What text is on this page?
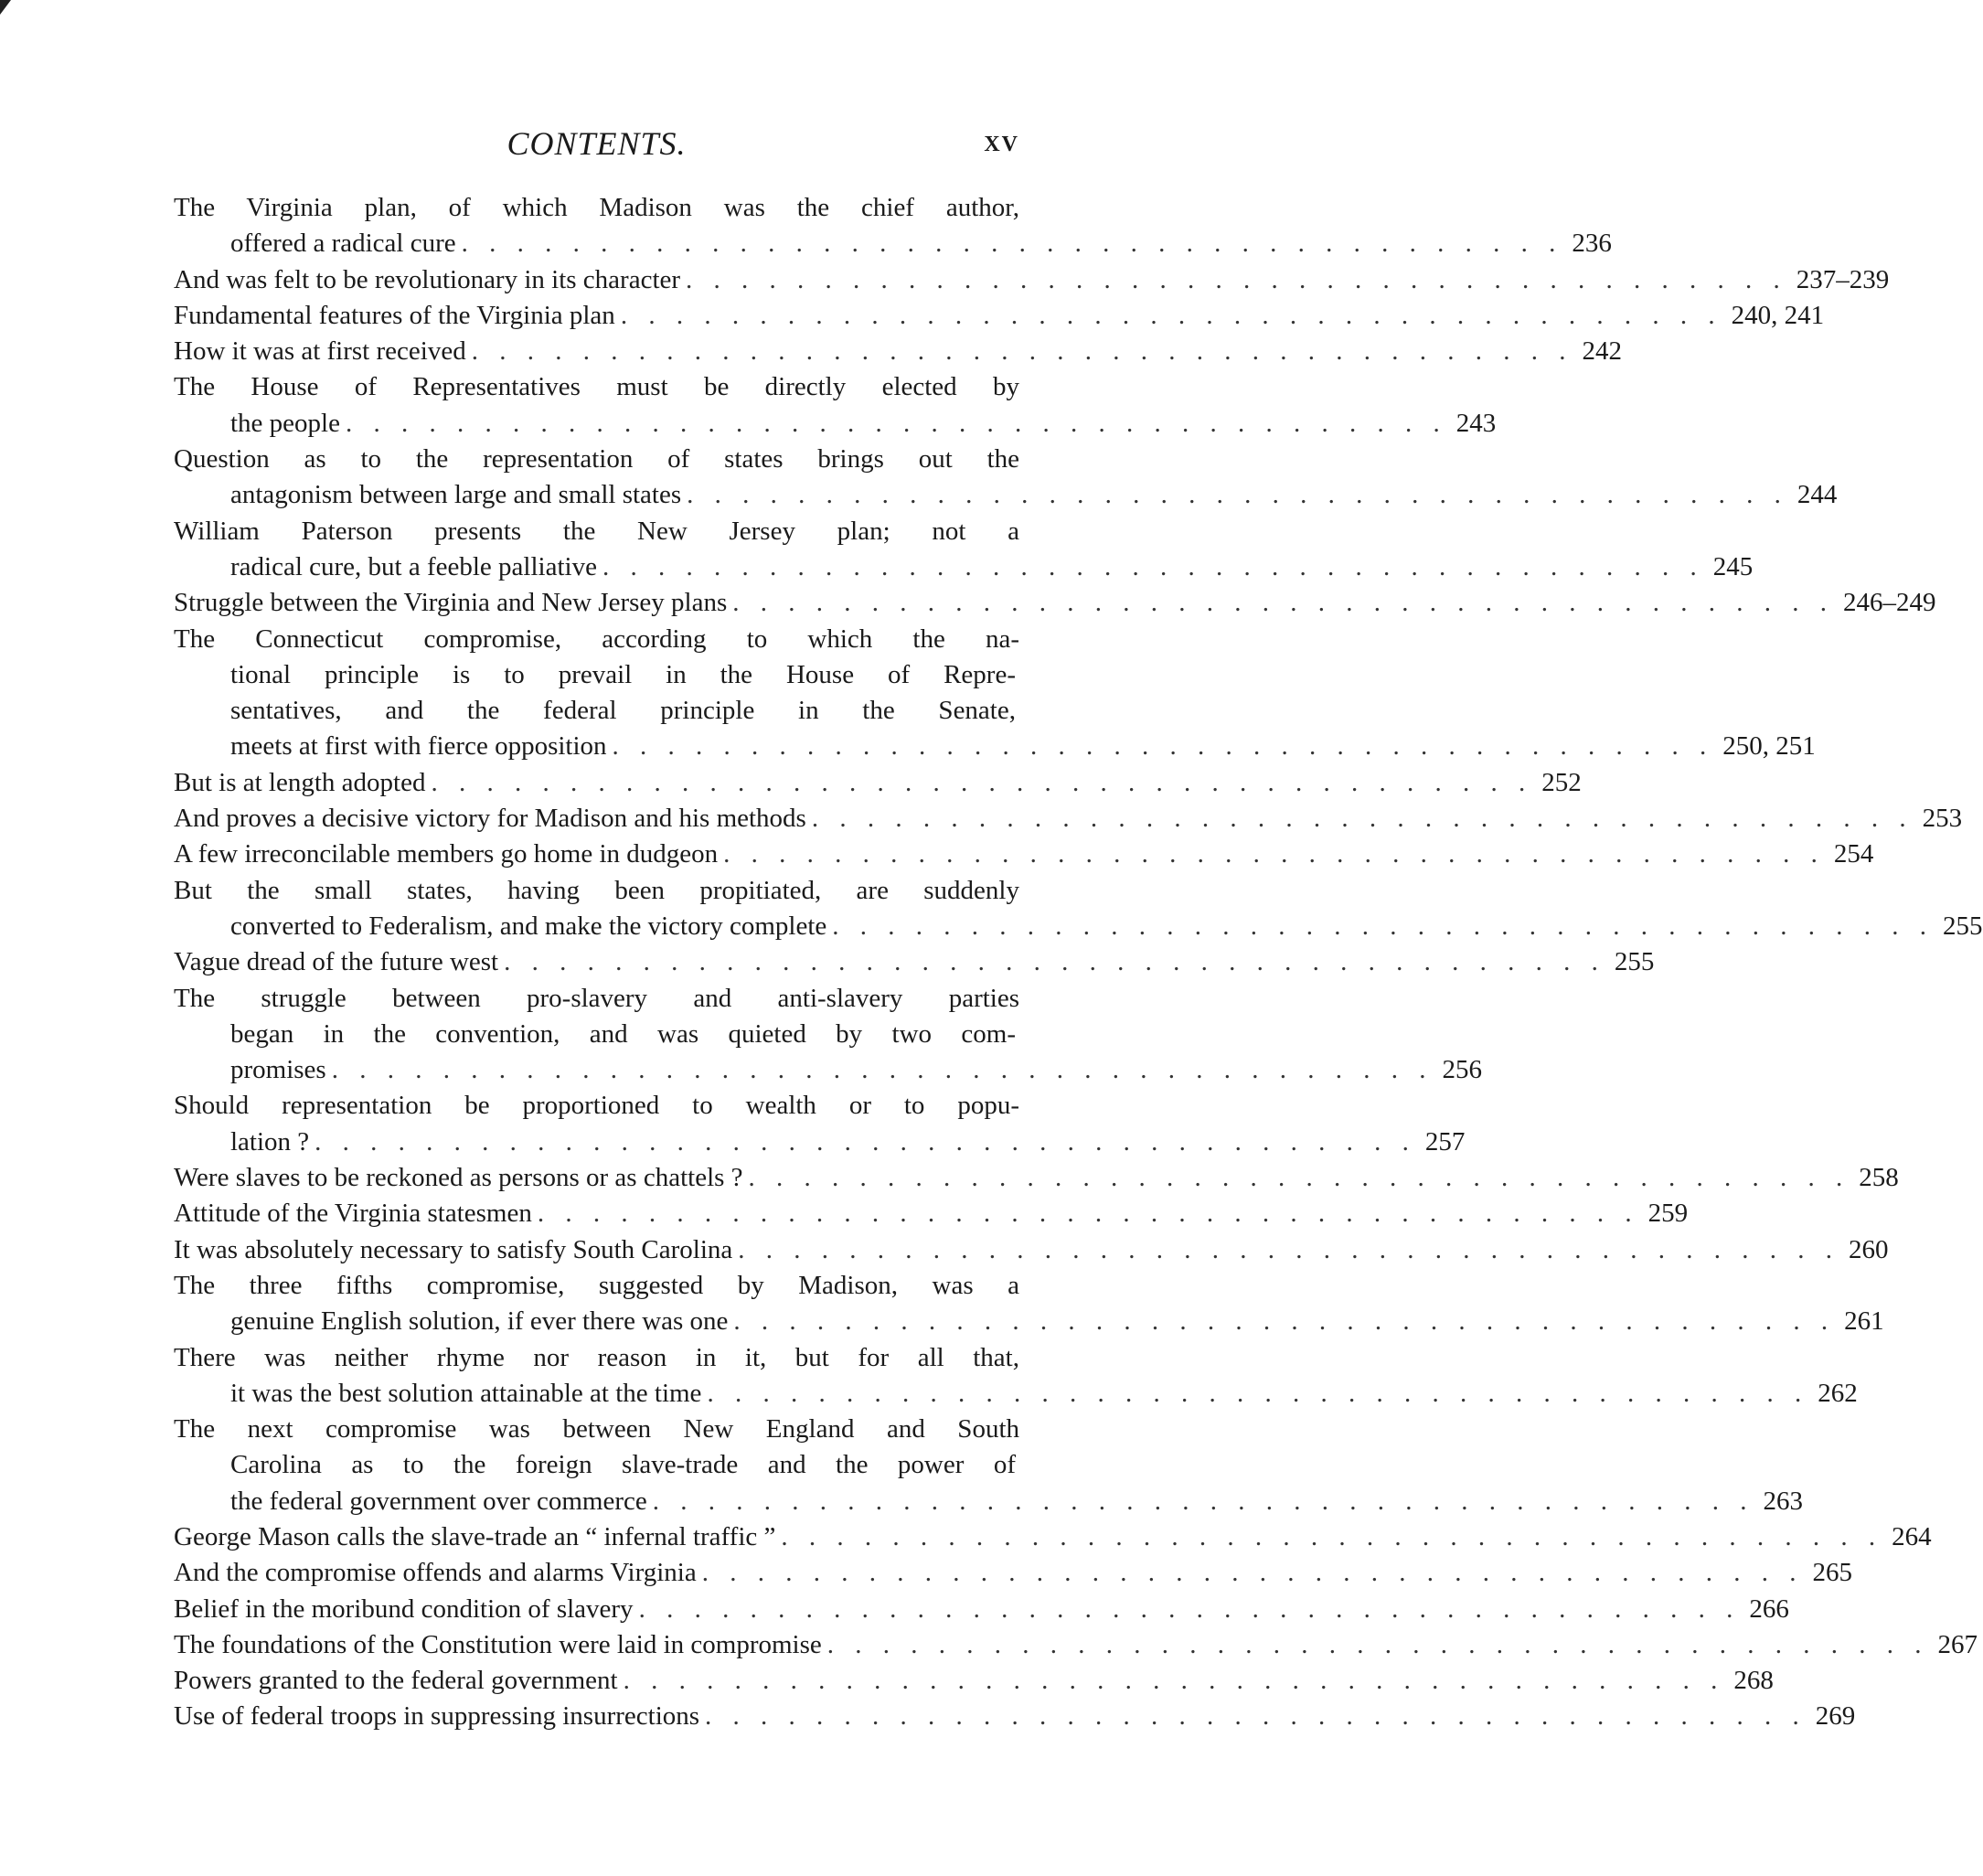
CONTENTS.	xv
The Virginia plan, of which Madison was the chief author,
offered a radical cure . . . . . . . . . . . . . . . . . . . . . . . . . . . . . . . . . . . . . . . . 236
And was felt to be revolutionary in its character . . . . . . . . . . . . . . . . . . . . . . . . . . . . . . . . . . . . . . . . 237–239
Fundamental features of the Virginia plan . . . . . . . . . . . . . . . . . . . . . . . . . . . . . . . . . . . . . . . . 240, 241
How it was at first received . . . . . . . . . . . . . . . . . . . . . . . . . . . . . . . . . . . . . . . . 242
The House of Representatives must be directly elected by
the people . . . . . . . . . . . . . . . . . . . . . . . . . . . . . . . . . . . . . . . . 243
Question as to the representation of states brings out the
antagonism between large and small states . . . . . . . . . . . . . . . . . . . . . . . . . . . . . . . . . . . . . . . . 244
William Paterson presents the New Jersey plan; not a
radical cure, but a feeble palliative . . . . . . . . . . . . . . . . . . . . . . . . . . . . . . . . . . . . . . . . 245
Struggle between the Virginia and New Jersey plans . . . . . . . . . . . . . . . . . . . . . . . . . . . . . . . . . . . . . . . . 246–249
The Connecticut compromise, according to which the na-
tional principle is to prevail in the House of Repre-
sentatives, and the federal principle in the Senate,
meets at first with fierce opposition . . . . . . . . . . . . . . . . . . . . . . . . . . . . . . . . . . . . . . . . 250, 251
But is at length adopted . . . . . . . . . . . . . . . . . . . . . . . . . . . . . . . . . . . . . . . . 252
And proves a decisive victory for Madison and his methods . . . . . . . . . . . . . . . . . . . . . . . . . . . . . . . . . . . . . . . . 253
A few irreconcilable members go home in dudgeon . . . . . . . . . . . . . . . . . . . . . . . . . . . . . . . . . . . . . . . . 254
But the small states, having been propitiated, are suddenly
converted to Federalism, and make the victory complete . . . . . . . . . . . . . . . . . . . . . . . . . . . . . . . . . . . . . . . . 255
Vague dread of the future west . . . . . . . . . . . . . . . . . . . . . . . . . . . . . . . . . . . . . . . . 255
The struggle between pro-slavery and anti-slavery parties
began in the convention, and was quieted by two com-
promises . . . . . . . . . . . . . . . . . . . . . . . . . . . . . . . . . . . . . . . . 256
Should representation be proportioned to wealth or to popu-
lation ? . . . . . . . . . . . . . . . . . . . . . . . . . . . . . . . . . . . . . . . . 257
Were slaves to be reckoned as persons or as chattels ? . . . . . . . . . . . . . . . . . . . . . . . . . . . . . . . . . . . . . . . . 258
Attitude of the Virginia statesmen . . . . . . . . . . . . . . . . . . . . . . . . . . . . . . . . . . . . . . . . 259
It was absolutely necessary to satisfy South Carolina . . . . . . . . . . . . . . . . . . . . . . . . . . . . . . . . . . . . . . . . 260
The three fifths compromise, suggested by Madison, was a
genuine English solution, if ever there was one . . . . . . . . . . . . . . . . . . . . . . . . . . . . . . . . . . . . . . . . 261
There was neither rhyme nor reason in it, but for all that,
it was the best solution attainable at the time . . . . . . . . . . . . . . . . . . . . . . . . . . . . . . . . . . . . . . . . 262
The next compromise was between New England and South
Carolina as to the foreign slave-trade and the power of
the federal government over commerce . . . . . . . . . . . . . . . . . . . . . . . . . . . . . . . . . . . . . . . . 263
George Mason calls the slave-trade an “ infernal traffic ” . . . . . . . . . . . . . . . . . . . . . . . . . . . . . . . . . . . . . . . . 264
And the compromise offends and alarms Virginia . . . . . . . . . . . . . . . . . . . . . . . . . . . . . . . . . . . . . . . . 265
Belief in the moribund condition of slavery . . . . . . . . . . . . . . . . . . . . . . . . . . . . . . . . . . . . . . . . 266
The foundations of the Constitution were laid in compromise . . . . . . . . . . . . . . . . . . . . . . . . . . . . . . . . . . . . . . . . 267
Powers granted to the federal government . . . . . . . . . . . . . . . . . . . . . . . . . . . . . . . . . . . . . . . . 268
Use of federal troops in suppressing insurrections . . . . . . . . . . . . . . . . . . . . . . . . . . . . . . . . . . . . . . . . 269
